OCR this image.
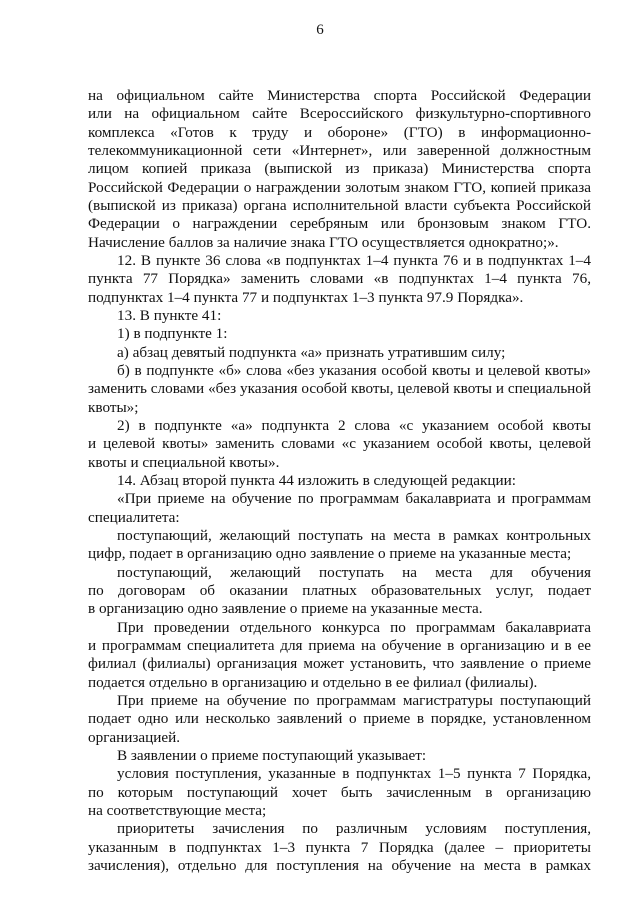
6
на официальном сайте Министерства спорта Российской Федерации
или на официальном сайте Всероссийского физкультурно-спортивного
комплекса «Готов к труду и обороне» (ГТО) в информационно-
телекоммуникационной сети «Интернет», или заверенной должностным
лицом копией приказа (выпиской из приказа) Министерства спорта
Российской Федерации о награждении золотым знаком ГТО, копией приказа
(выпиской из приказа) органа исполнительной власти субъекта Российской
Федерации о награждении серебряным или бронзовым знаком ГТО.
Начисление баллов за наличие знака ГТО осуществляется однократно;».
12. В пункте 36 слова «в подпунктах 1–4 пункта 76 и в подпунктах 1–4
пункта 77 Порядка» заменить словами «в подпунктах 1–4 пункта 76,
подпунктах 1–4 пункта 77 и подпунктах 1–3 пункта 97.9 Порядка».
13. В пункте 41:
1) в подпункте 1:
а) абзац девятый подпункта «а» признать утратившим силу;
б) в подпункте «б» слова «без указания особой квоты и целевой квоты»
заменить словами «без указания особой квоты, целевой квоты и специальной
квоты»;
2) в подпункте «а» подпункта 2 слова «с указанием особой квоты
и целевой квоты» заменить словами «с указанием особой квоты, целевой
квоты и специальной квоты».
14. Абзац второй пункта 44 изложить в следующей редакции:
«При приеме на обучение по программам бакалавриата и программам
специалитета:
поступающий, желающий поступать на места в рамках контрольных
цифр, подает в организацию одно заявление о приеме на указанные места;
поступающий, желающий поступать на места для обучения
по договорам об оказании платных образовательных услуг, подает
в организацию одно заявление о приеме на указанные места.
При проведении отдельного конкурса по программам бакалавриата
и программам специалитета для приема на обучение в организацию и в ее
филиал (филиалы) организация может установить, что заявление о приеме
подается отдельно в организацию и отдельно в ее филиал (филиалы).
При приеме на обучение по программам магистратуры поступающий
подает одно или несколько заявлений о приеме в порядке, установленном
организацией.
В заявлении о приеме поступающий указывает:
условия поступления, указанные в подпунктах 1–5 пункта 7 Порядка,
по которым поступающий хочет быть зачисленным в организацию
на соответствующие места;
приоритеты зачисления по различным условиям поступления,
указанным в подпунктах 1–3 пункта 7 Порядка (далее – приоритеты
зачисления), отдельно для поступления на обучение на места в рамках
